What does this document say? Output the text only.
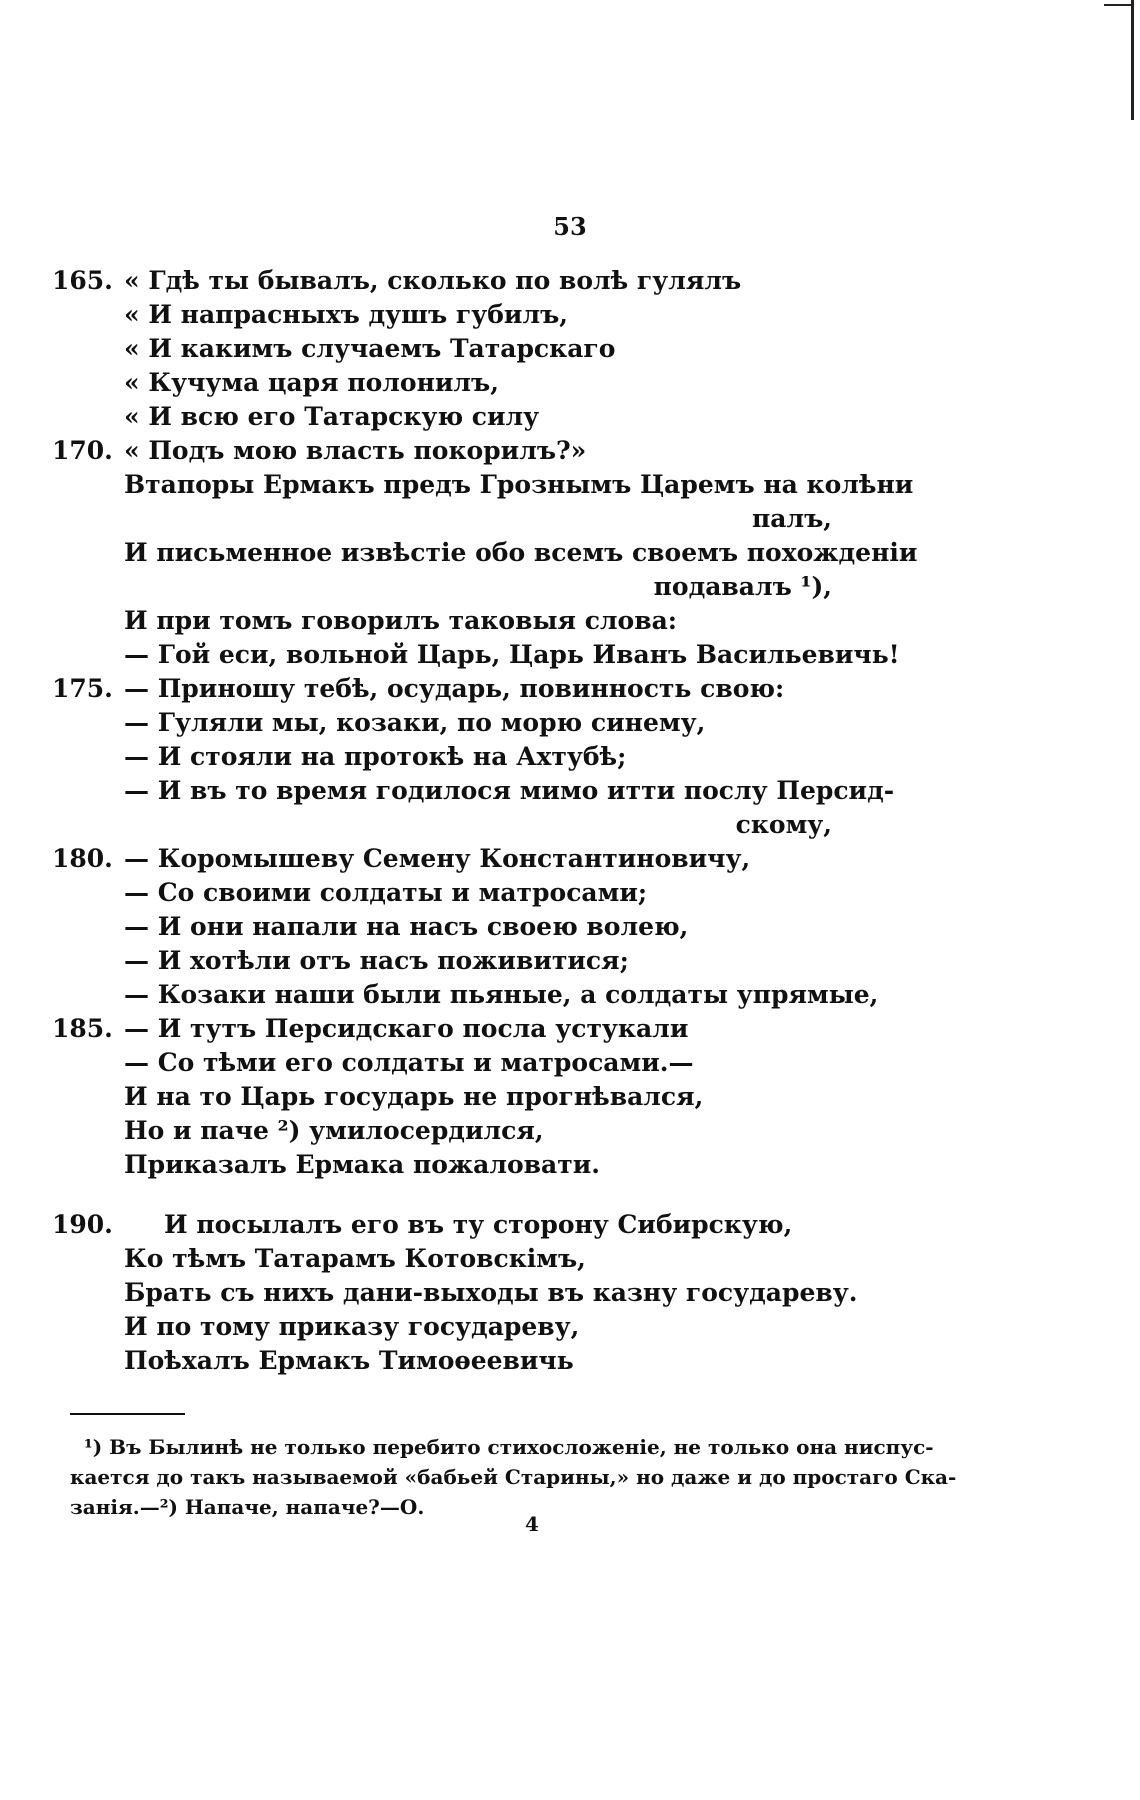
53
165. « Гдѣ ты бывалъ, сколько по волѣ гулялъ
« И напрасныхъ душъ губилъ,
« И какимъ случаемъ Татарскаго
« Кучума царя полонилъ,
« И всю его Татарскую силу
170. « Подъ мою власть покорилъ?»
Втапоры Ермакъ предъ Грознымъ Царемъ на колѣни
палъ,
И письменное извѣстіе обо всемъ своемъ похожденіи
подавалъ ¹),
И при томъ говорилъ таковыя слова:
— Гой еси, вольной Царь, Царь Иванъ Васильевичь!
175. — Приношу тебѣ, осударь, повинность свою:
— Гуляли мы, козаки, по морю синему,
— И стояли на протокѣ на Ахтубѣ;
— И въ то время годилося мимо итти послу Персид-
скому,
180. — Коромышеву Семену Константиновичу,
— Со своими солдаты и матросами;
— И они напали на насъ своею волею,
— И хотѣли отъ насъ поживитися;
— Козаки наши были пьяные, а солдаты упрямые,
185. — И тутъ Персидскаго посла устукали
— Со тѣми его солдаты и матросами.—
И на то Царь государь не прогнѣвался,
Но и паче ²) умилосердился,
Приказалъ Ермака пожаловати.
190. И посылалъ его въ ту сторону Сибирскую,
Ко тѣмъ Татарамъ Котовскімъ,
Брать съ нихъ дани-выходы въ казну государеву.
И по тому приказу государеву,
Поѣхалъ Ермакъ Тимоѳеевичь
¹) Въ Былинѣ не только перебито стихосложеніе, не только она ниспус-
кается до такъ называемой «бабьей Старины,» но даже и до простаго Ска-
занія.—²) Напаче, напаче?—О.
4
